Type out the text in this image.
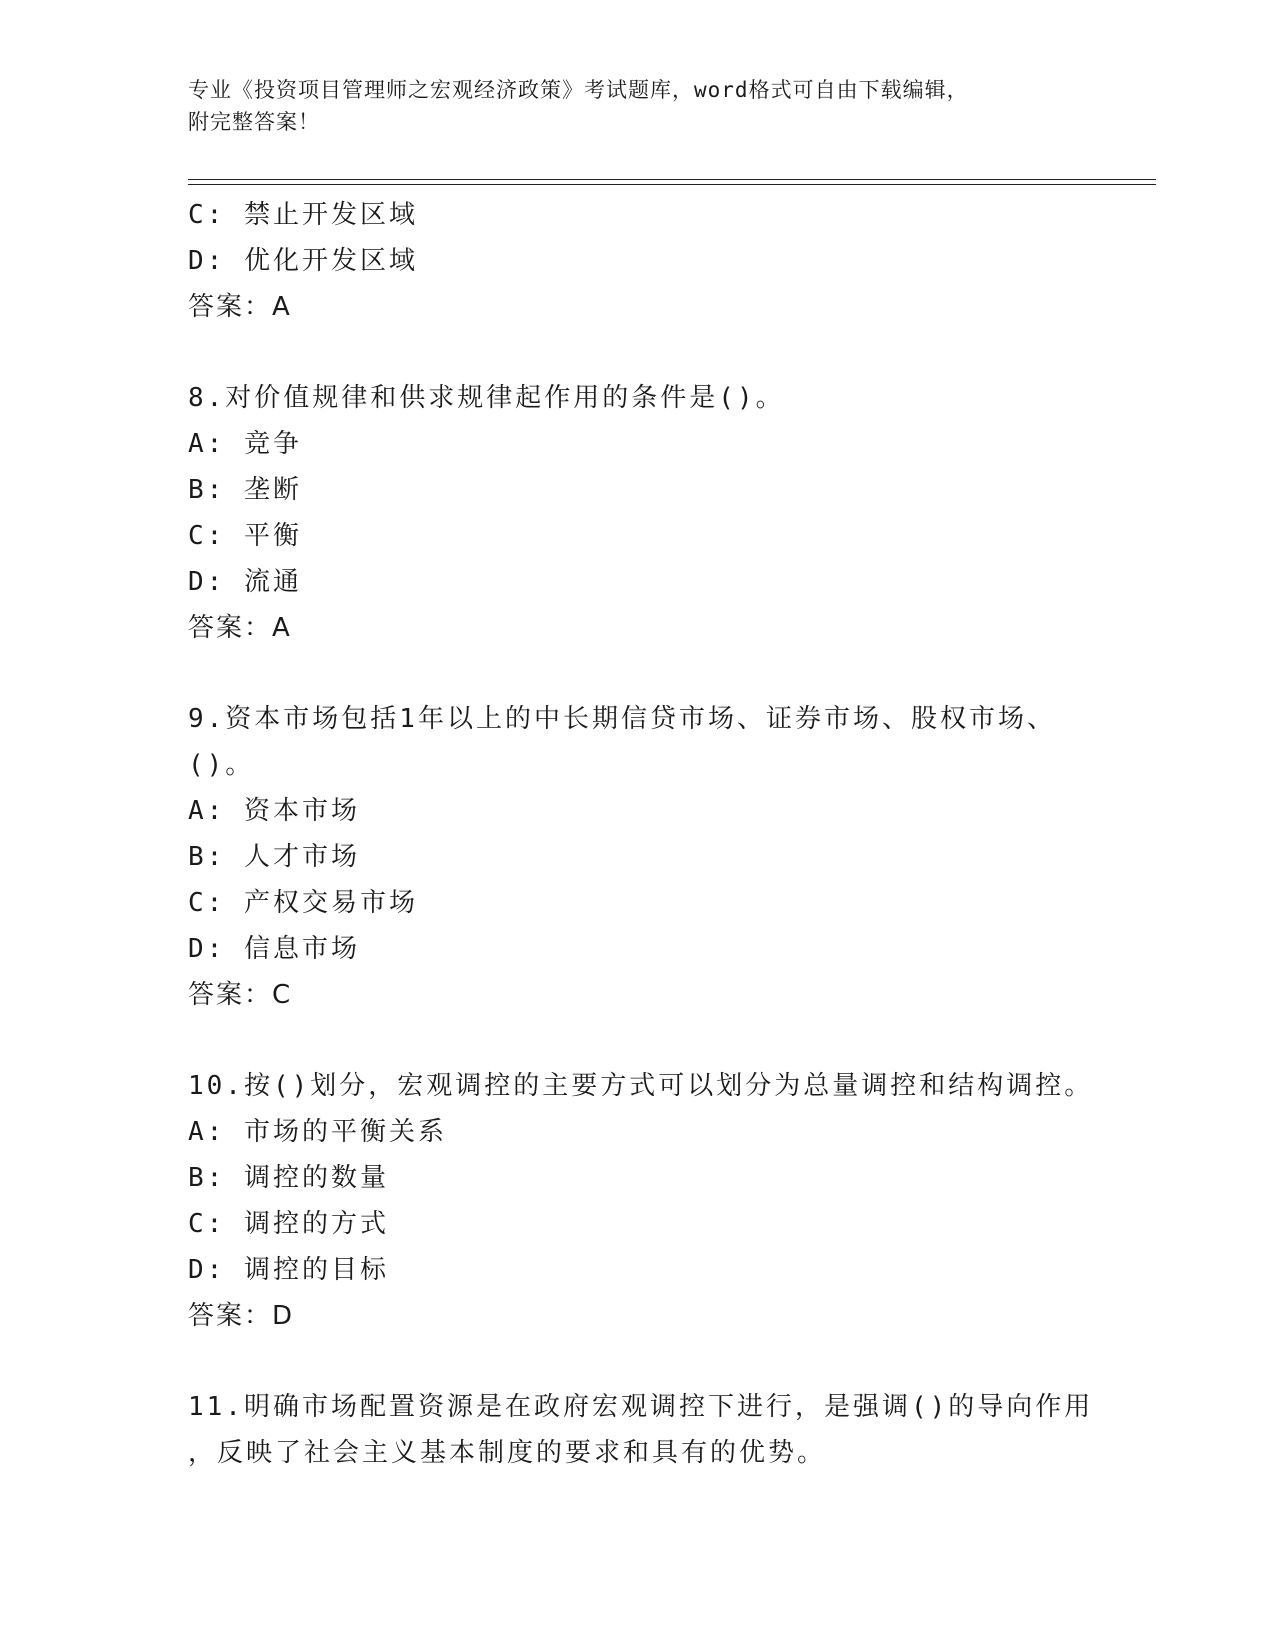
专业《投资项目管理师之宏观经济政策》考试题库，word格式可自由下载编辑，
附完整答案！
C: 禁止开发区域
D: 优化开发区域
答案：A
8.对价值规律和供求规律起作用的条件是()。
A: 竞争
B: 垄断
C: 平衡
D: 流通
答案：A
9.资本市场包括1年以上的中长期信贷市场、证券市场、股权市场、
()。
A: 资本市场
B: 人才市场
C: 产权交易市场
D: 信息市场
答案：C
10.按()划分，宏观调控的主要方式可以划分为总量调控和结构调控。
A: 市场的平衡关系
B: 调控的数量
C: 调控的方式
D: 调控的目标
答案：D
11.明确市场配置资源是在政府宏观调控下进行，是强调()的导向作用
，反映了社会主义基本制度的要求和具有的优势。
